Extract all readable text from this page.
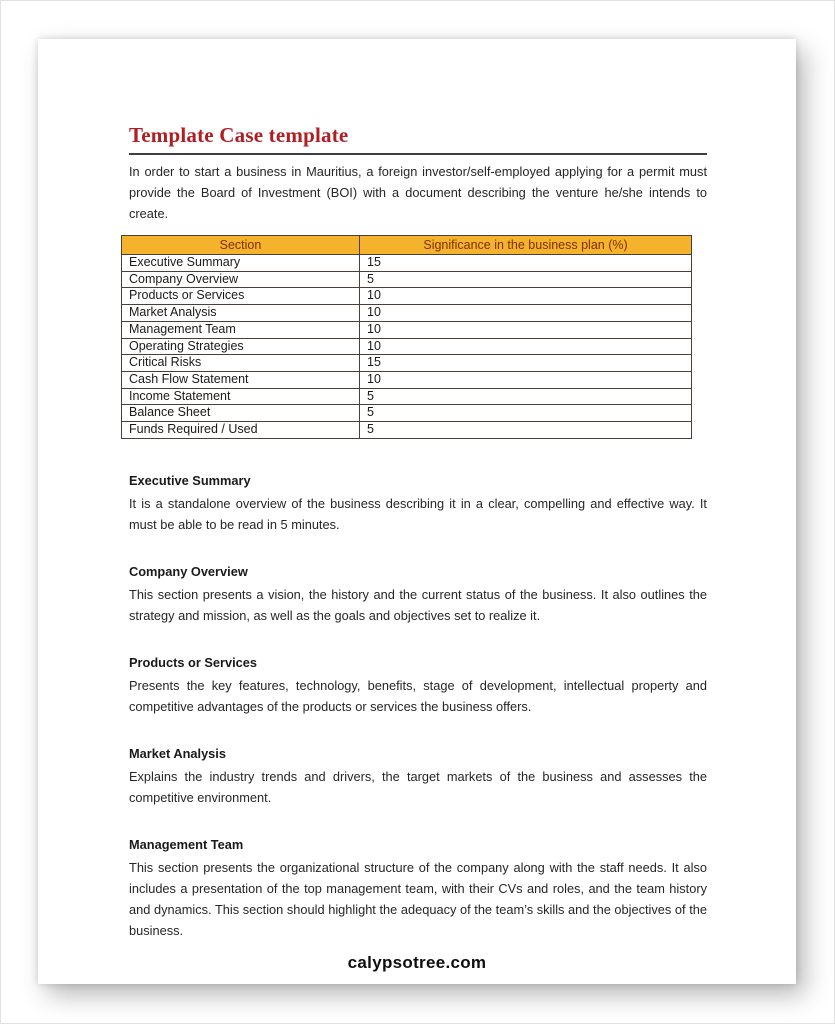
Template Case template

In order to start a business in Mauritius, a foreign investor/self-employed applying for a permit must provide the Board of Investment (BOI) with a document describing the venture he/she intends to create.

Section	Significance in the business plan (%)
Executive Summary	15
Company Overview	5
Products or Services	10
Market Analysis	10
Management Team	10
Operating Strategies	10
Critical Risks	15
Cash Flow Statement	10
Income Statement	5
Balance Sheet	5
Funds Required / Used	5
Executive Summary

It is a standalone overview of the business describing it in a clear, compelling and effective way. It must be able to be read in 5 minutes.

Company Overview

This section presents a vision, the history and the current status of the business. It also outlines the strategy and mission, as well as the goals and objectives set to realize it.

Products or Services

Presents the key features, technology, benefits, stage of development, intellectual property and competitive advantages of the products or services the business offers.

Market Analysis

Explains the industry trends and drivers, the target markets of the business and assesses the competitive environment.

Management Team

This section presents the organizational structure of the company along with the staff needs. It also includes a presentation of the top management team, with their CVs and roles, and the team history and dynamics. This section should highlight the adequacy of the team’s skills and the objectives of the business.

calypsotree.com
